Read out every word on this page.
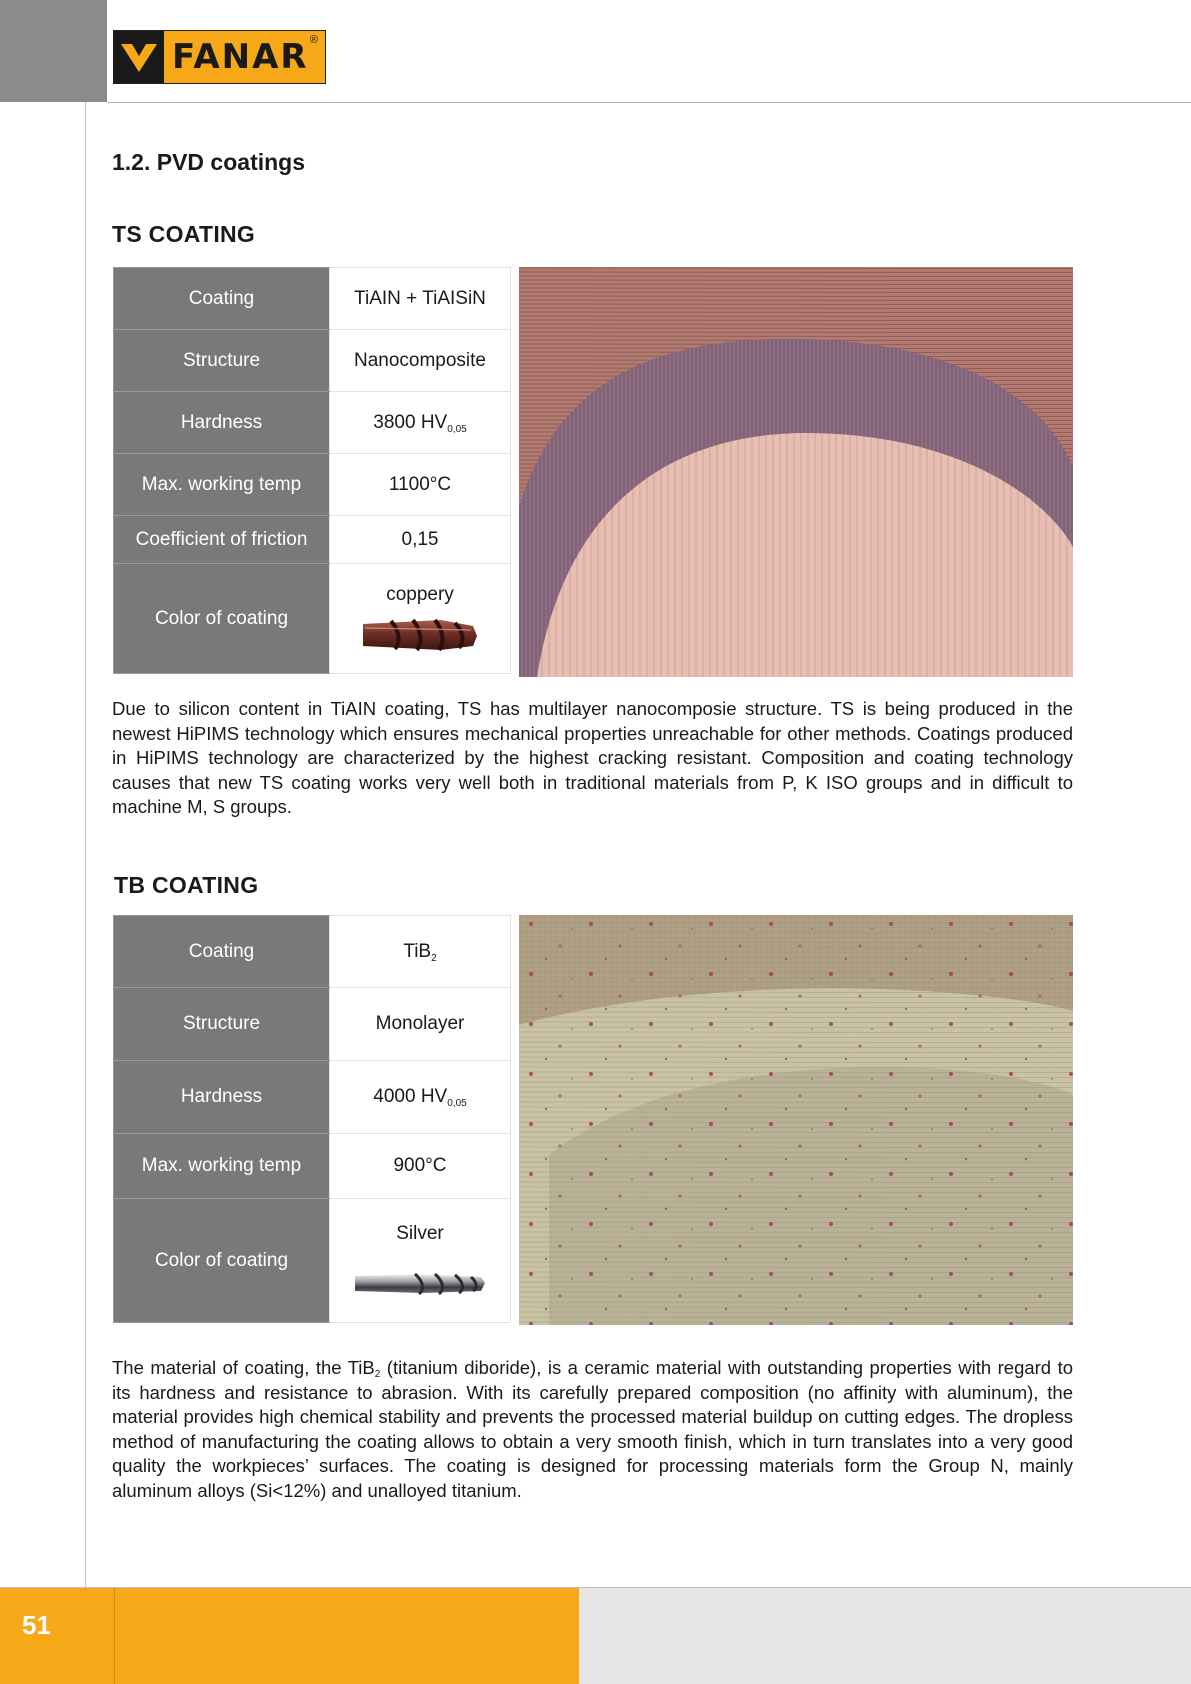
FANAR ®
1.2. PVD coatings
TS COATING
Coating	TiAIN + TiAISiN
Structure	Nanocomposite
Hardness	3800 $HV_{0,05}$
Max. working temp	1100°C
Coefficient of friction	0,15
Color of coating	coppery

Due to silicon content in TiAIN coating, TS has multilayer nanocomposie structure. TS is being produced in the newest HiPIMS technology which ensures mechanical properties unreachable for other methods. Coatings produced in HiPIMS technology are characterized by the highest cracking resistant. Composition and coating technology causes that new TS coating works very well both in traditional materials from P, K ISO groups and in difficult to machine M, S groups.

TB COATING
Coating	TiB$_2$
Structure	Monolayer
Hardness	4000 $HV_{0,05}$
Max. working temp	900°C
Color of coating	Silver

The material of coating, the TiB$_2$ (titanium diboride), is a ceramic material with outstanding properties with regard to its hardness and resistance to abrasion. With its carefully prepared composition (no affinity with aluminum), the material provides high chemical stability and prevents the processed material buildup on cutting edges. The dropless method of manufacturing the coating allows to obtain a very smooth finish, which in turn translates into a very good quality the workpieces’ surfaces. The coating is designed for processing materials form the Group N, mainly aluminum alloys (Si<12%) and unalloyed titanium.

51
